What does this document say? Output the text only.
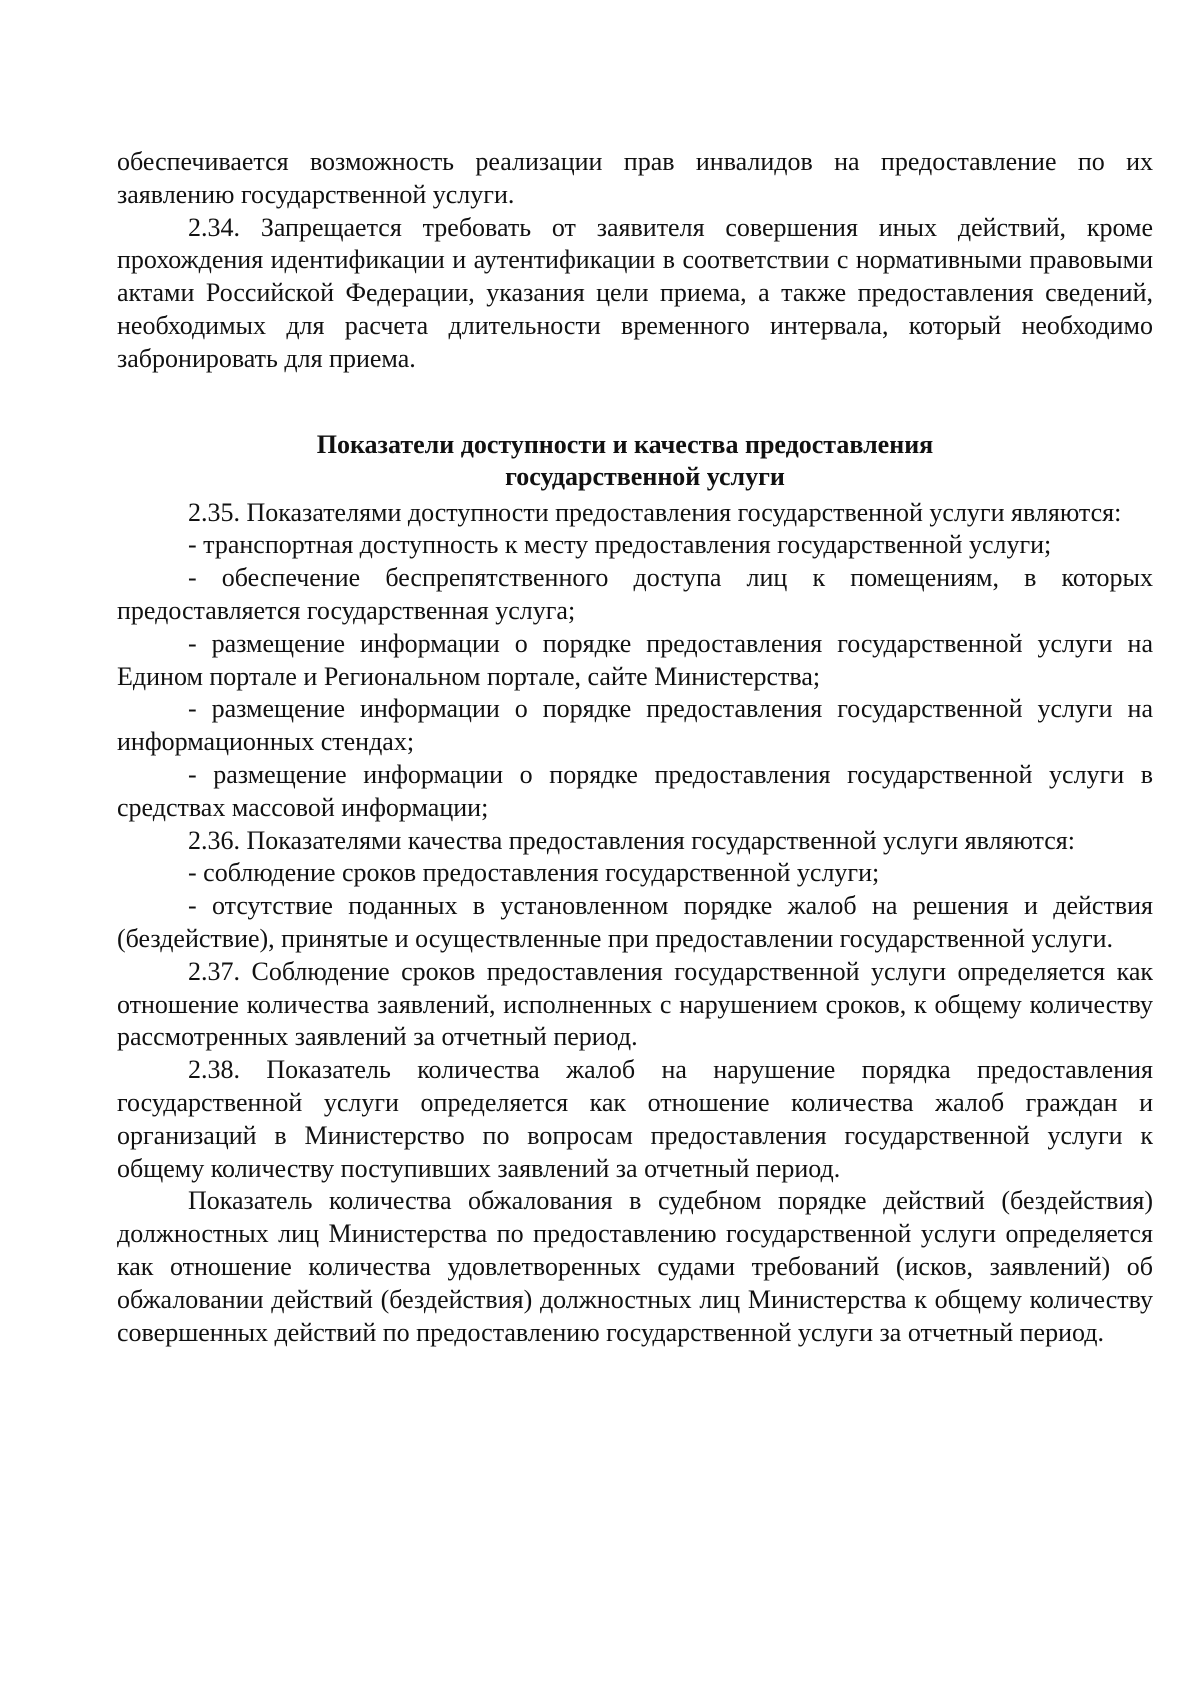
обеспечивается возможность реализации прав инвалидов на предоставление по их заявлению государственной услуги.

2.34. Запрещается требовать от заявителя совершения иных действий, кроме прохождения идентификации и аутентификации в соответствии с нормативными правовыми актами Российской Федерации, указания цели приема, а также предоставления сведений, необходимых для расчета длительности временного интервала, который необходимо забронировать для приема.

Показатели доступности и качества предоставления
государственной услуги

2.35. Показателями доступности предоставления государственной услуги являются:

- транспортная доступность к месту предоставления государственной услуги;

- обеспечение беспрепятственного доступа лиц к помещениям, в которых предоставляется государственная услуга;

- размещение информации о порядке предоставления государственной услуги на Едином портале и Региональном портале, сайте Министерства;

- размещение информации о порядке предоставления государственной услуги на информационных стендах;

- размещение информации о порядке предоставления государственной услуги в средствах массовой информации;

2.36. Показателями качества предоставления государственной услуги являются:

- соблюдение сроков предоставления государственной услуги;

- отсутствие поданных в установленном порядке жалоб на решения и действия (бездействие), принятые и осуществленные при предоставлении государственной услуги.

2.37. Соблюдение сроков предоставления государственной услуги определяется как отношение количества заявлений, исполненных с нарушением сроков, к общему количеству рассмотренных заявлений за отчетный период.

2.38. Показатель количества жалоб на нарушение порядка предоставления государственной услуги определяется как отношение количества жалоб граждан и организаций в Министерство по вопросам предоставления государственной услуги к общему количеству поступивших заявлений за отчетный период.

Показатель количества обжалования в судебном порядке действий (бездействия) должностных лиц Министерства по предоставлению государственной услуги определяется как отношение количества удовлетворенных судами требований (исков, заявлений) об обжаловании действий (бездействия) должностных лиц Министерства к общему количеству совершенных действий по предоставлению государственной услуги за отчетный период.
